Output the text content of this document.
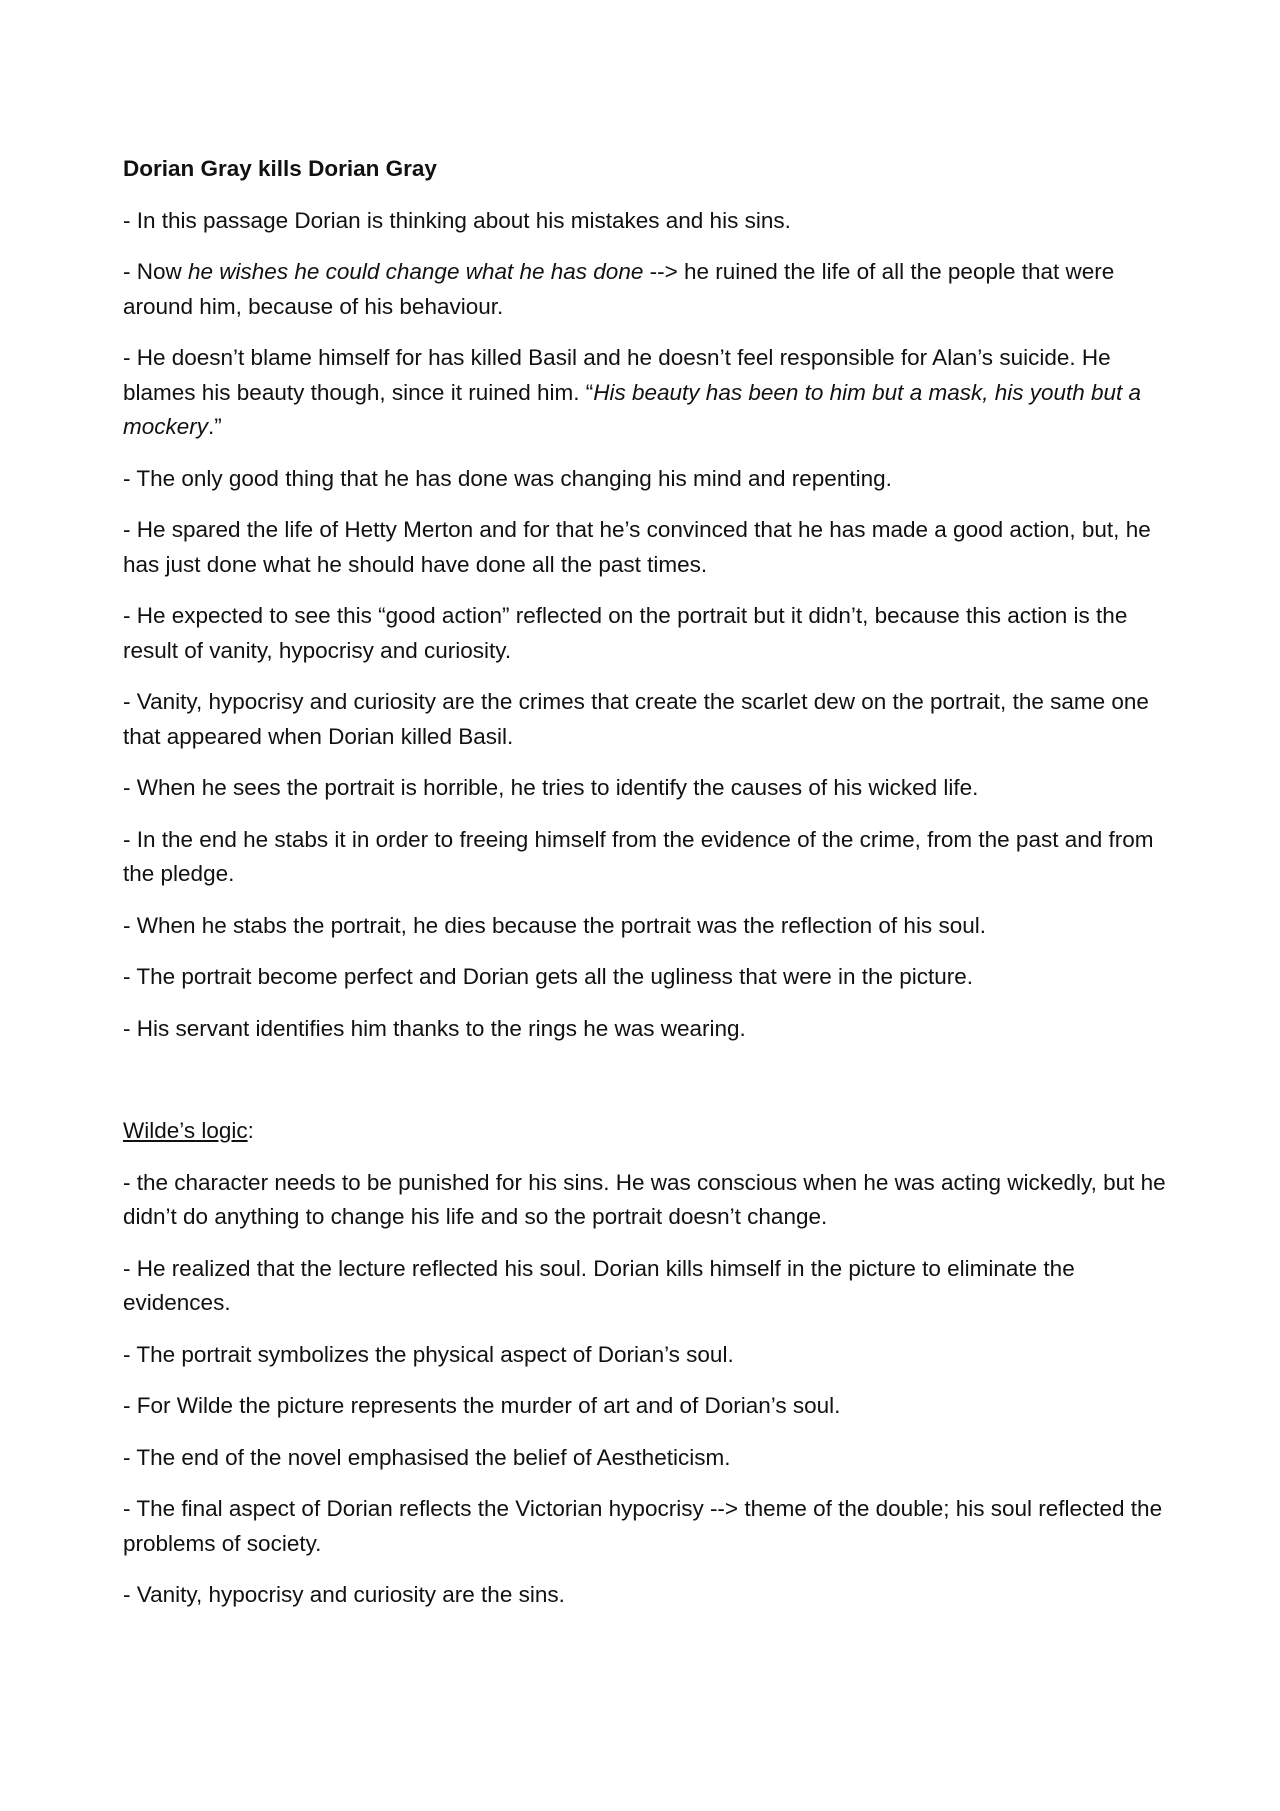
Dorian Gray kills Dorian Gray
- In this passage Dorian is thinking about his mistakes and his sins.
- Now he wishes he could change what he has done --> he ruined the life of all the people that were around him, because of his behaviour.
- He doesn’t blame himself for has killed Basil and he doesn’t feel responsible for Alan’s suicide. He blames his beauty though, since it ruined him. “His beauty has been to him but a mask, his youth but a mockery.”
- The only good thing that he has done was changing his mind and repenting.
- He spared the life of Hetty Merton and for that he’s convinced that he has made a good action, but, he has just done what he should have done all the past times.
- He expected to see this “good action” reflected on the portrait but it didn’t, because this action is the result of vanity, hypocrisy and curiosity.
- Vanity, hypocrisy and curiosity are the crimes that create the scarlet dew on the portrait, the same one that appeared when Dorian killed Basil.
- When he sees the portrait is horrible, he tries to identify the causes of his wicked life.
- In the end he stabs it in order to freeing himself from the evidence of the crime, from the past and from the pledge.
- When he stabs the portrait, he dies because the portrait was the reflection of his soul.
- The portrait become perfect and Dorian gets all the ugliness that were in the picture.
- His servant identifies him thanks to the rings he was wearing.
Wilde’s logic:
- the character needs to be punished for his sins. He was conscious when he was acting wickedly, but he didn’t do anything to change his life and so the portrait doesn’t change.
- He realized that the lecture reflected his soul. Dorian kills himself in the picture to eliminate the evidences.
- The portrait symbolizes the physical aspect of Dorian’s soul.
- For Wilde the picture represents the murder of art and of Dorian’s soul.
- The end of the novel emphasised the belief of Aestheticism.
- The final aspect of Dorian reflects the Victorian hypocrisy --> theme of the double; his soul reflected the problems of society.
- Vanity, hypocrisy and curiosity are the sins.
